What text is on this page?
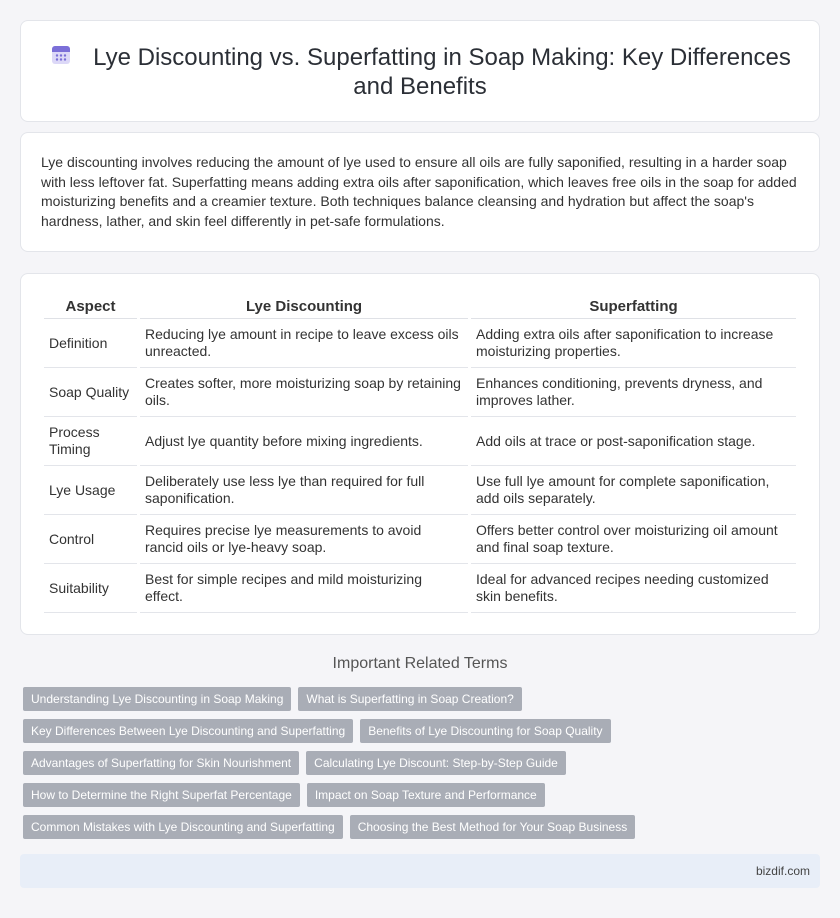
Lye Discounting vs. Superfatting in Soap Making: Key Differences and Benefits

Lye discounting involves reducing the amount of lye used to ensure all oils are fully saponified, resulting in a harder soap with less leftover fat. Superfatting means adding extra oils after saponification, which leaves free oils in the soap for added moisturizing benefits and a creamier texture. Both techniques balance cleansing and hydration but affect the soap's hardness, lather, and skin feel differently in pet-safe formulations.

Aspect	Lye Discounting	Superfatting
Definition	Reducing lye amount in recipe to leave excess oils unreacted.	Adding extra oils after saponification to increase moisturizing properties.
Soap Quality	Creates softer, more moisturizing soap by retaining oils.	Enhances conditioning, prevents dryness, and improves lather.
Process Timing	Adjust lye quantity before mixing ingredients.	Add oils at trace or post-saponification stage.
Lye Usage	Deliberately use less lye than required for full saponification.	Use full lye amount for complete saponification, add oils separately.
Control	Requires precise lye measurements to avoid rancid oils or lye-heavy soap.	Offers better control over moisturizing oil amount and final soap texture.
Suitability	Best for simple recipes and mild moisturizing effect.	Ideal for advanced recipes needing customized skin benefits.
Important Related Terms
Understanding Lye Discounting in Soap Making	What is Superfatting in Soap Creation?
Key Differences Between Lye Discounting and Superfatting	Benefits of Lye Discounting for Soap Quality
Advantages of Superfatting for Skin Nourishment	Calculating Lye Discount: Step-by-Step Guide
How to Determine the Right Superfat Percentage	Impact on Soap Texture and Performance
Common Mistakes with Lye Discounting and Superfatting	Choosing the Best Method for Your Soap Business
bizdif.com
